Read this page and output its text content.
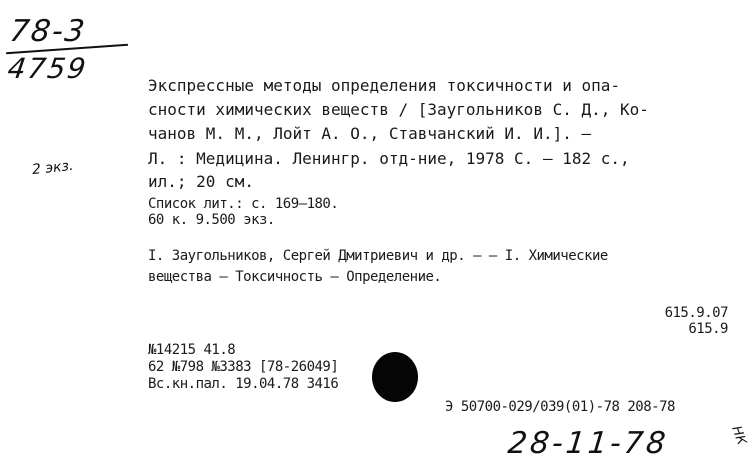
78-3
4759
2 экз.
Экспрессные методы определения токсичности и опа-
сности химических веществ / [Заугольников С. Д., Ко-
чанов М. М., Лойт А. О., Ставчанский И. И.]. —
Л. : Медицина. Ленингр. отд-ние, 1978 С. — 182 с.,
ил.; 20 см.
Список лит.: с. 169—180.
60 к. 9.500 экз.
I. Заугольников, Сергей Дмитриевич и др. — — I. Химические
вещества — Токсичность — Определение.
615.9.07
615.9
№14215 41.8
62 №798 №3383 [78-26049]
Вс.кн.пал. 19.04.78 3416
Э 50700-029/039(01)-78 208-78
28-11-78	НК
